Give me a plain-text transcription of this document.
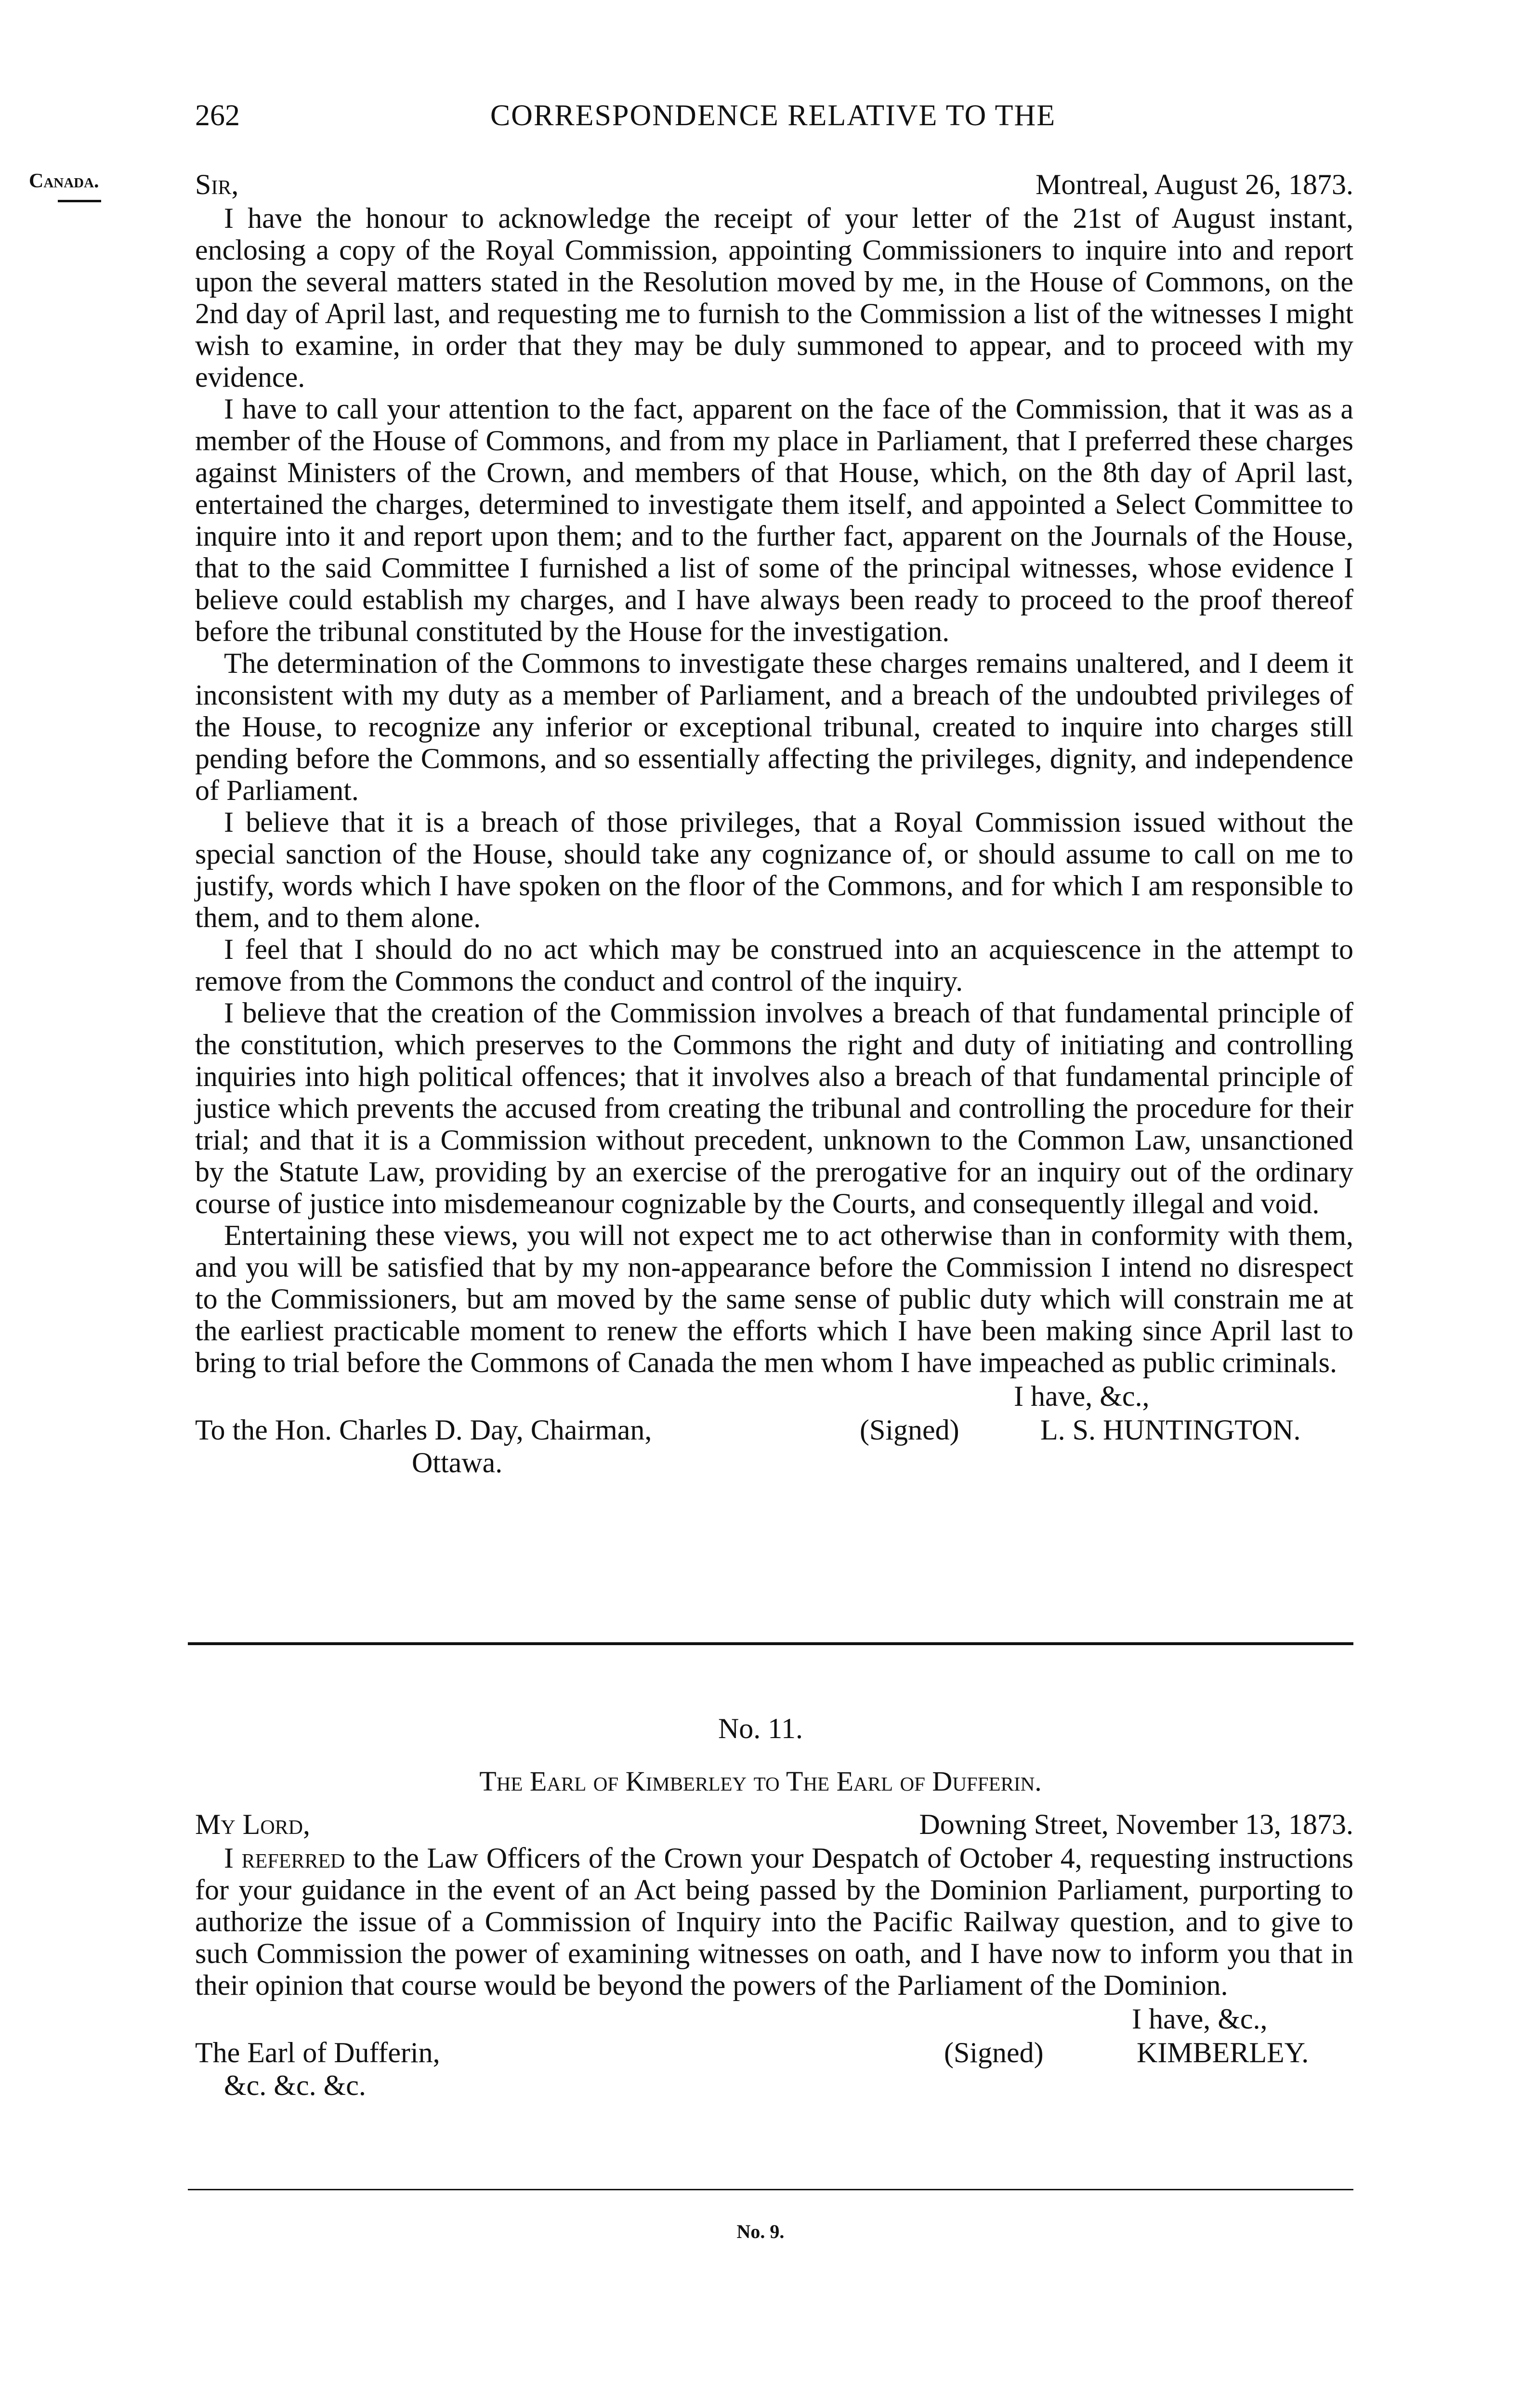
262	CORRESPONDENCE RELATIVE TO THE
Canada.	Sir,	Montreal, August 26, 1873.

I have the honour to acknowledge the receipt of your letter of the 21st of August instant, enclosing a copy of the Royal Commission, appointing Commissioners to inquire into and report upon the several matters stated in the Resolution moved by me, in the House of Commons, on the 2nd day of April last, and requesting me to furnish to the Commission a list of the witnesses I might wish to examine, in order that they may be duly summoned to appear, and to proceed with my evidence.

I have to call your attention to the fact, apparent on the face of the Commission, that it was as a member of the House of Commons, and from my place in Parliament, that I preferred these charges against Ministers of the Crown, and members of that House, which, on the 8th day of April last, entertained the charges, determined to investigate them itself, and appointed a Select Committee to inquire into it and report upon them; and to the further fact, apparent on the Journals of the House, that to the said Committee I furnished a list of some of the principal witnesses, whose evidence I believe could establish my charges, and I have always been ready to proceed to the proof thereof before the tribunal constituted by the House for the investigation.

The determination of the Commons to investigate these charges remains unaltered, and I deem it inconsistent with my duty as a member of Parliament, and a breach of the undoubted privileges of the House, to recognize any inferior or exceptional tribunal, created to inquire into charges still pending before the Commons, and so essentially affecting the privileges, dignity, and independence of Parliament.

I believe that it is a breach of those privileges, that a Royal Commission issued without the special sanction of the House, should take any cognizance of, or should assume to call on me to justify, words which I have spoken on the floor of the Commons, and for which I am responsible to them, and to them alone.

I feel that I should do no act which may be construed into an acquiescence in the attempt to remove from the Commons the conduct and control of the inquiry.

I believe that the creation of the Commission involves a breach of that fundamental principle of the constitution, which preserves to the Commons the right and duty of initiating and controlling inquiries into high political offences; that it involves also a breach of that fundamental principle of justice which prevents the accused from creating the tribunal and controlling the procedure for their trial; and that it is a Commission without precedent, unknown to the Common Law, unsanctioned by the Statute Law, providing by an exercise of the prerogative for an inquiry out of the ordinary course of justice into misdemeanour cognizable by the Courts, and consequently illegal and void.

Entertaining these views, you will not expect me to act otherwise than in conformity with them, and you will be satisfied that by my non-appearance before the Commission I intend no disrespect to the Commissioners, but am moved by the same sense of public duty which will constrain me at the earliest practicable moment to renew the efforts which I have been making since April last to bring to trial before the Commons of Canada the men whom I have impeached as public criminals.

I have, &c.,
To the Hon. Charles D. Day, Chairman,
Ottawa.
(Signed)	L. S. HUNTINGTON.
No. 11.
The Earl of Kimberley to The Earl of Dufferin.
My Lord,	Downing Street, November 13, 1873.

I referred to the Law Officers of the Crown your Despatch of October 4, requesting instructions for your guidance in the event of an Act being passed by the Dominion Parliament, purporting to authorize the issue of a Commission of Inquiry into the Pacific Railway question, and to give to such Commission the power of examining witnesses on oath, and I have now to inform you that in their opinion that course would be beyond the powers of the Parliament of the Dominion.

I have, &c.,
The Earl of Dufferin,
&c. &c. &c.
(Signed)	KIMBERLEY.
No. 9.
